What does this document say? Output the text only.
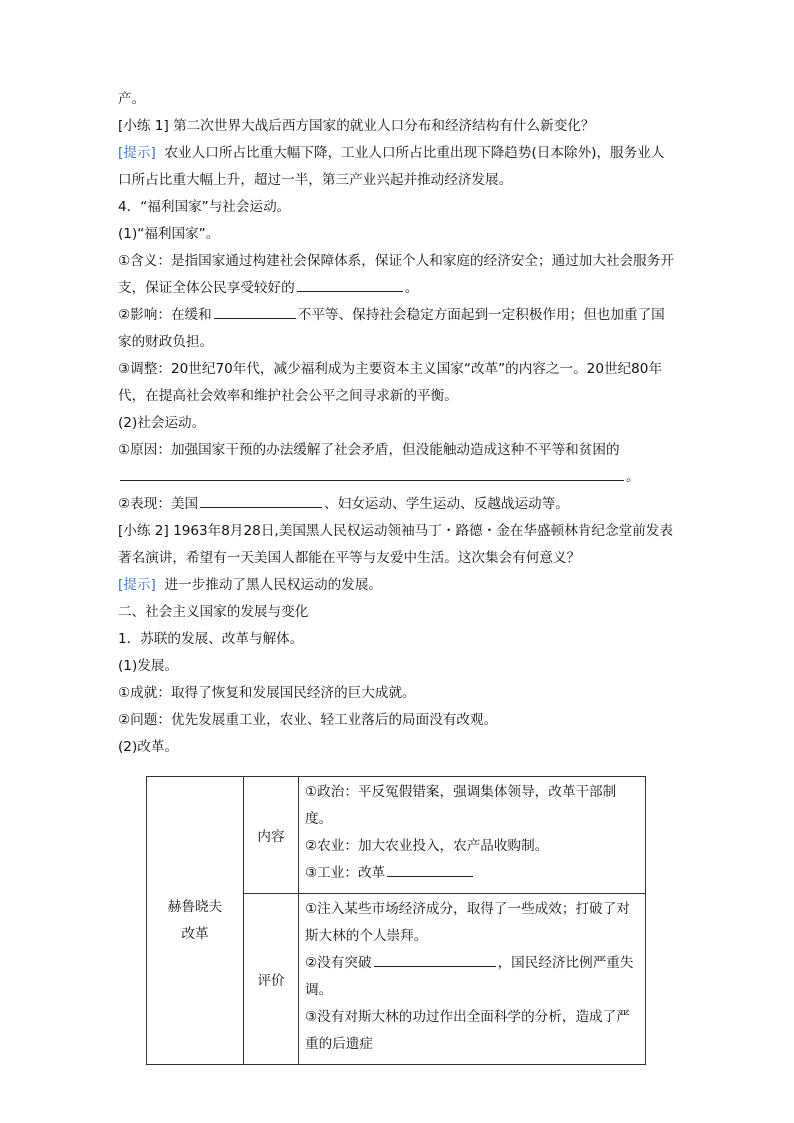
产。

[小练 1] 第二次世界大战后西方国家的就业人口分布和经济结构有什么新变化？

[提示] 农业人口所占比重大幅下降，工业人口所占比重出现下降趋势(日本除外)，服务业人口所占比重大幅上升，超过一半，第三产业兴起并推动经济发展。

4．“福利国家”与社会运动。

(1)“福利国家”。

①含义：是指国家通过构建社会保障体系，保证个人和家庭的经济安全；通过加大社会服务开支，保证全体公民享受较好的	。

②影响：在缓和	不平等、保持社会稳定方面起到一定积极作用；但也加重了国家的财政负担。

③调整：20世纪70年代，减少福利成为主要资本主义国家“改革”的内容之一。20世纪80年代，在提高社会效率和维护社会公平之间寻求新的平衡。

(2)社会运动。

①原因：加强国家干预的办法缓解了社会矛盾，但没能触动造成这种不平等和贫困的

。

②表现：美国	、妇女运动、学生运动、反越战运动等。

[小练 2] 1963年8月28日,美国黑人民权运动领袖马丁・路德・金在华盛顿林肯纪念堂前发表著名演讲，希望有一天美国人都能在平等与友爱中生活。这次集会有何意义？

[提示] 进一步推动了黑人民权运动的发展。

二、社会主义国家的发展与变化

1．苏联的发展、改革与解体。

(1)发展。

①成就：取得了恢复和发展国民经济的巨大成就。

②问题：优先发展重工业，农业、轻工业落后的局面没有改观。

(2)改革。

赫鲁晓夫改革	内容	①政治：平反冤假错案，强调集体领导，改革干部制度。

②农业：加大农业投入，农产品收购制。

③工业：改革

	评价	①注入某些市场经济成分，取得了一些成效；打破了对斯大林的个人崇拜。

②没有突破 ，国民经济比例严重失调。

③没有对斯大林的功过作出全面科学的分析，造成了严重的后遗症
